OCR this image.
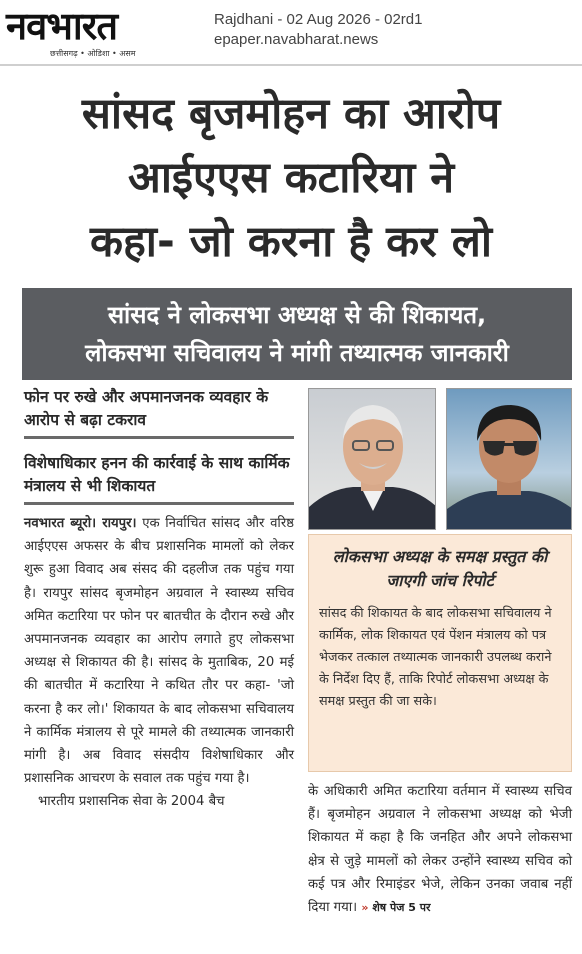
नवभारत
छत्तीसगढ़ • ओडिशा • असम
Rajdhani - 02 Aug 2026 - 02rd1
epaper.navabharat.news
सांसद बृजमोहन का आरोप
आईएएस कटारिया ने
कहा- जो करना है कर लो
सांसद ने लोकसभा अध्यक्ष से की शिकायत,
लोकसभा सचिवालय ने मांगी तथ्यात्मक जानकारी
फोन पर रुखे और अपमानजनक व्यवहार के आरोप से बढ़ा टकराव
विशेषाधिकार हनन की कार्रवाई के साथ कार्मिक मंत्रालय से भी शिकायत
नवभारत ब्यूरो। रायपुर। एक निर्वाचित सांसद और वरिष्ठ आईएएस अफसर के बीच प्रशासनिक मामलों को लेकर शुरू हुआ विवाद अब संसद की दहलीज तक पहुंच गया है। रायपुर सांसद बृजमोहन अग्रवाल ने स्वास्थ्य सचिव अमित कटारिया पर फोन पर बातचीत के दौरान रुखे और अपमानजनक व्यवहार का आरोप लगाते हुए लोकसभा अध्यक्ष से शिकायत की है। सांसद के मुताबिक, 20 मई की बातचीत में कटारिया ने कथित तौर पर कहा- 'जो करना है कर लो।' शिकायत के बाद लोकसभा सचिवालय ने कार्मिक मंत्रालय से पूरे मामले की तथ्यात्मक जानकारी मांगी है। अब विवाद संसदीय विशेषाधिकार और प्रशासनिक आचरण के सवाल तक पहुंच गया है।
भारतीय प्रशासनिक सेवा के 2004 बैच
लोकसभा अध्यक्ष के समक्ष प्रस्तुत की जाएगी जांच रिपोर्ट
सांसद की शिकायत के बाद लोकसभा सचिवालय ने कार्मिक, लोक शिकायत एवं पेंशन मंत्रालय को पत्र भेजकर तत्काल तथ्यात्मक जानकारी उपलब्ध कराने के निर्देश दिए हैं, ताकि रिपोर्ट लोकसभा अध्यक्ष के समक्ष प्रस्तुत की जा सके।
के अधिकारी अमित कटारिया वर्तमान में स्वास्थ्य सचिव हैं। बृजमोहन अग्रवाल ने लोकसभा अध्यक्ष को भेजी शिकायत में कहा है कि जनहित और अपने लोकसभा क्षेत्र से जुड़े मामलों को लेकर उन्होंने स्वास्थ्य सचिव को कई पत्र और रिमाइंडर भेजे, लेकिन उनका जवाब नहीं दिया गया। » शेष पेज 5 पर
